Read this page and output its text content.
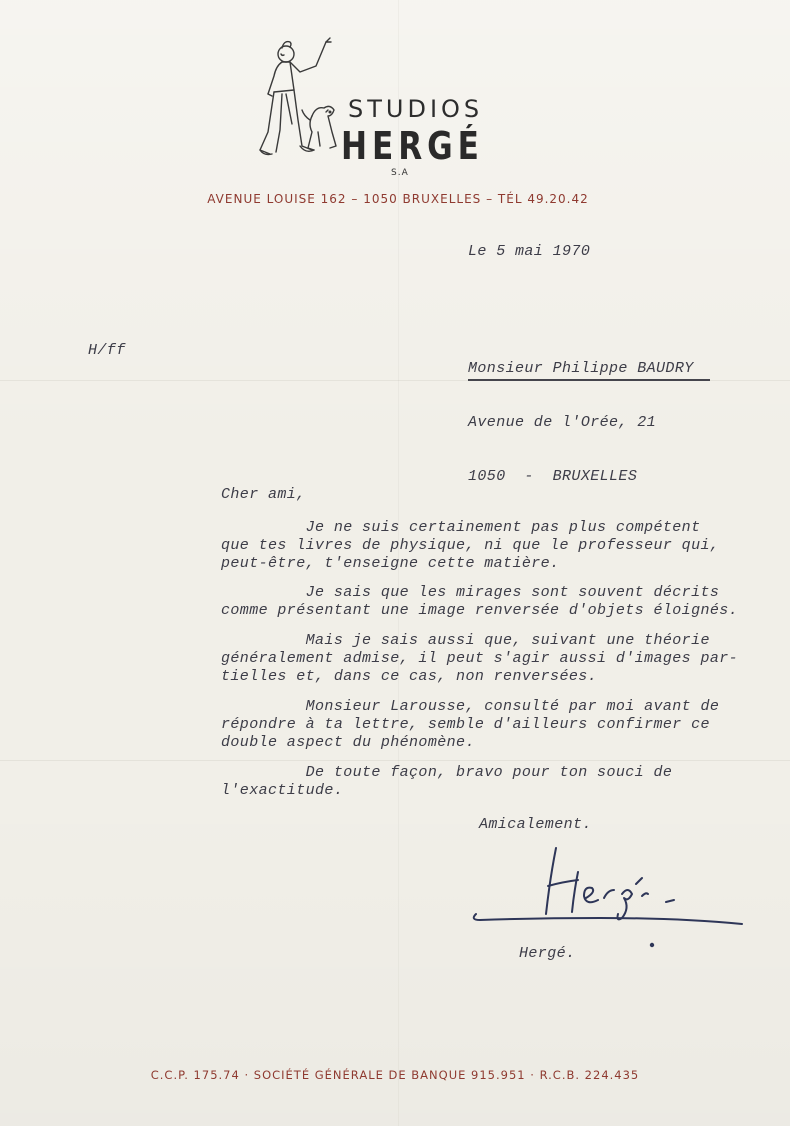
STUDIOS
HERGÉ
S.A
AVENUE LOUISE 162 – 1050 BRUXELLES – TÉL 49.20.42
Le 5 mai 1970
H/ff

Monsieur Philippe BAUDRY

Avenue de l'Orée, 21

1050  -  BRUXELLES

Cher ami,
Je ne suis certainement pas plus compétent
que tes livres de physique, ni que le professeur qui,
peut-être, t'enseigne cette matière.
Je sais que les mirages sont souvent décrits
comme présentant une image renversée d'objets éloignés.
Mais je sais aussi que, suivant une théorie
généralement admise, il peut s'agir aussi d'images par-
tielles et, dans ce cas, non renversées.
Monsieur Larousse, consulté par moi avant de
répondre à ta lettre, semble d'ailleurs confirmer ce
double aspect du phénomène.
De toute façon, bravo pour ton souci de
l'exactitude.
Amicalement.
Hergé.
C.C.P. 175.74 · SOCIÉTÉ GÉNÉRALE DE BANQUE 915.951 · R.C.B. 224.435
